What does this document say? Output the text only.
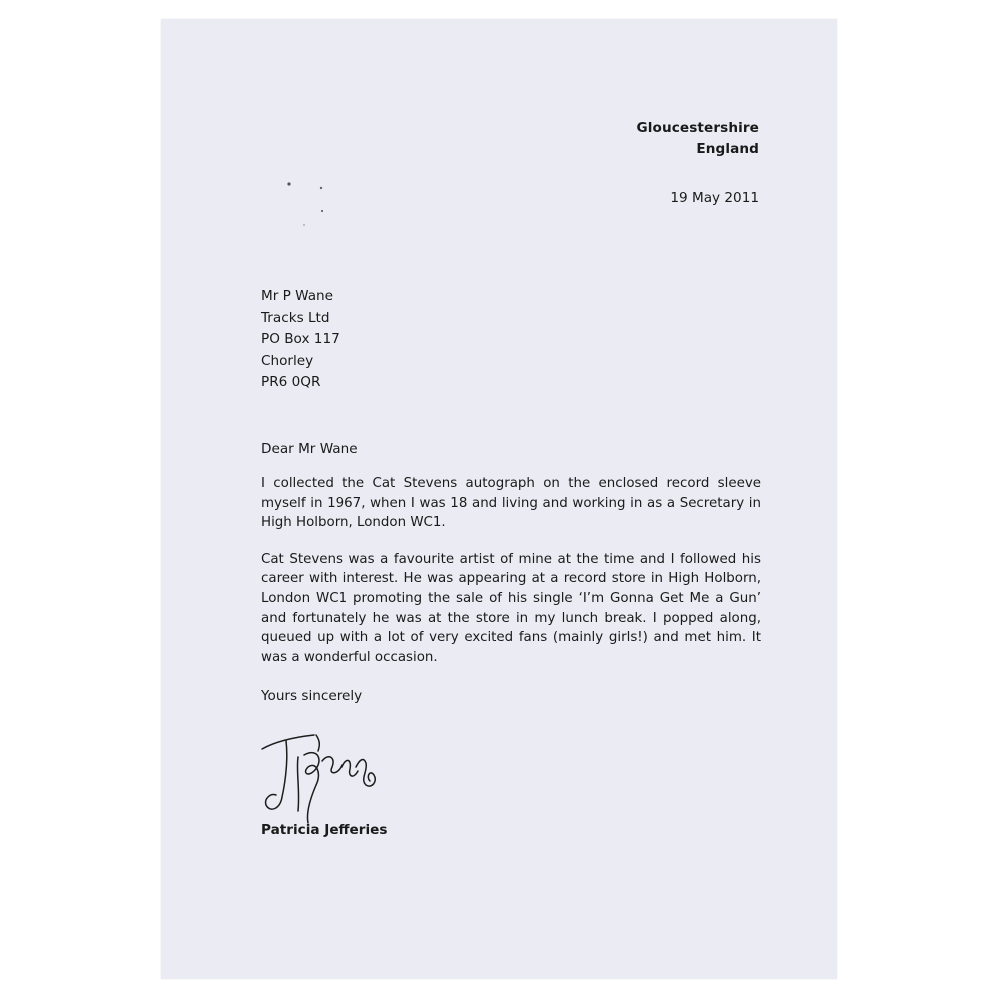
Gloucestershire
England
19 May 2011
Mr P Wane
Tracks Ltd
PO Box 117
Chorley
PR6 0QR
Dear Mr Wane

I collected the Cat Stevens autograph on the enclosed record sleeve myself in 1967, when I was 18 and living and working in as a Secretary in High Holborn, London WC1.

Cat Stevens was a favourite artist of mine at the time and I followed his career with interest. He was appearing at a record store in High Holborn, London WC1 promoting the sale of his single ‘I’m Gonna Get Me a Gun’ and fortunately he was at the store in my lunch break. I popped along, queued up with a lot of very excited fans (mainly girls!) and met him. It was a wonderful occasion.

Yours sincerely
Patricia Jefferies
